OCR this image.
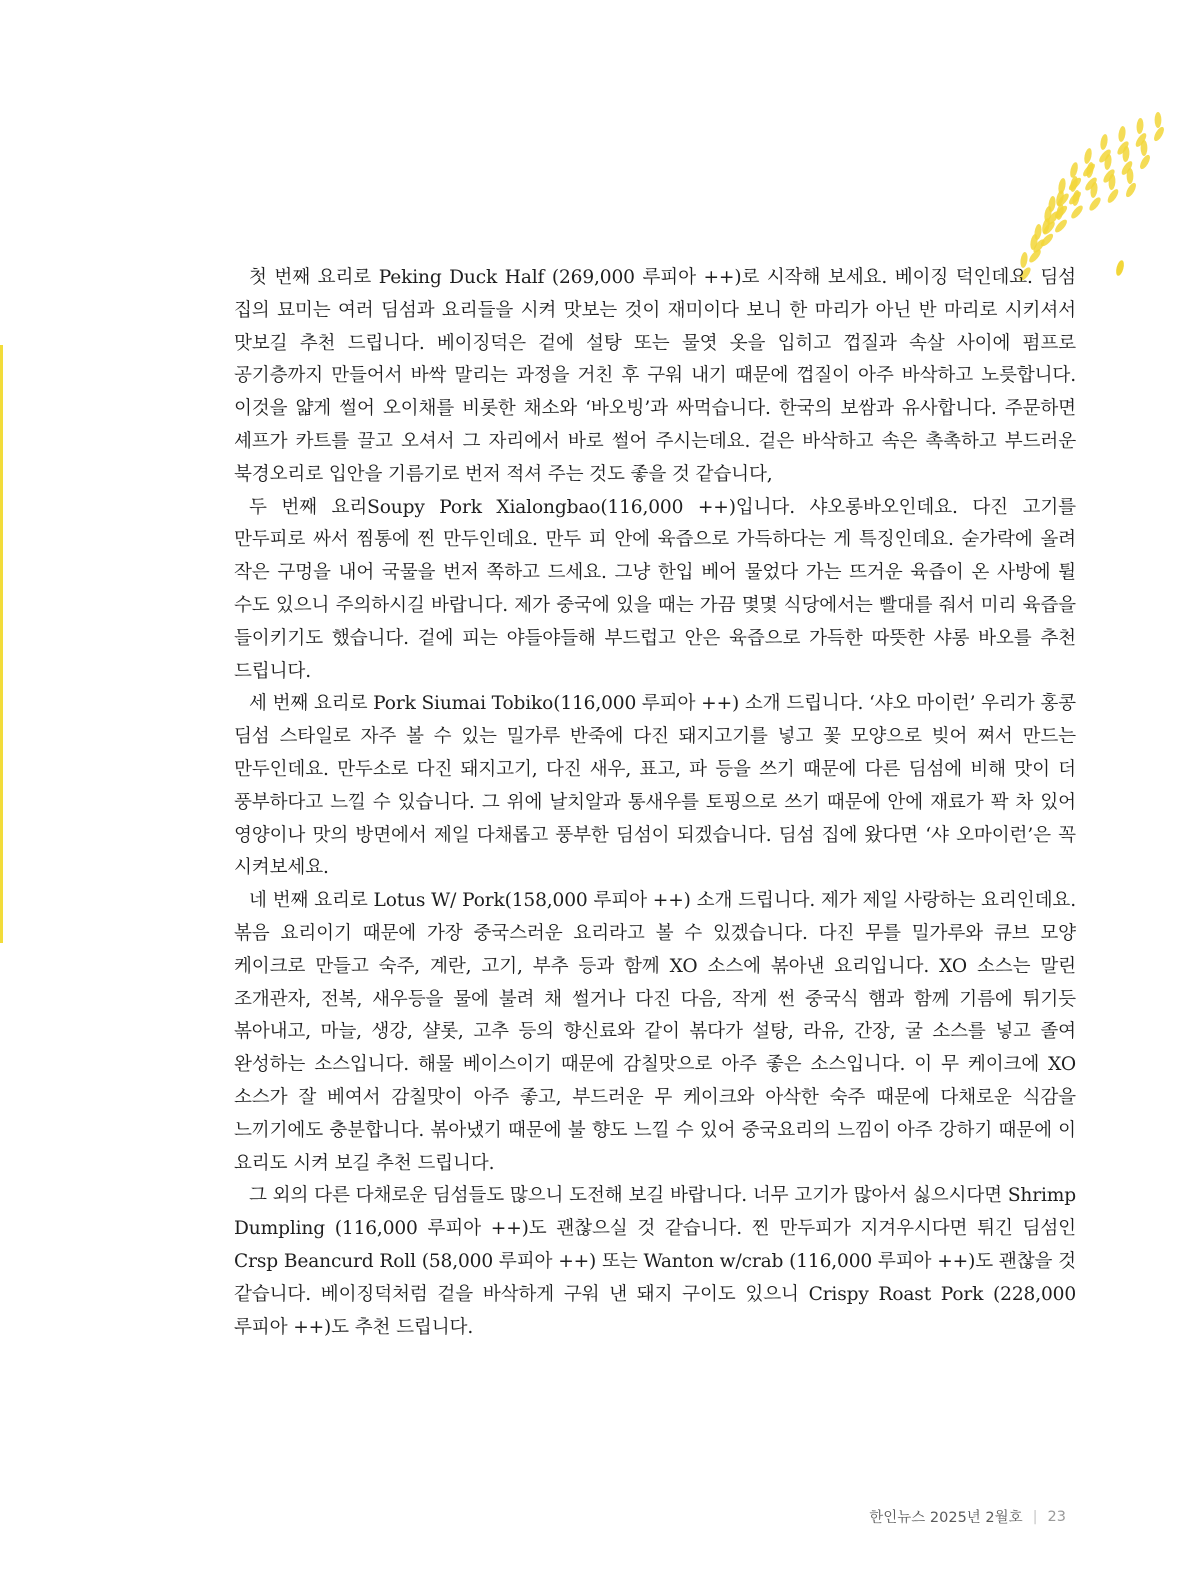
첫 번째 요리로 Peking Duck Half (269,000 루피아 ++)로 시작해 보세요. 베이징 덕인데요. 딤섬 집의 묘미는 여러 딤섬과 요리들을 시켜 맛보는 것이 재미이다 보니 한 마리가 아닌 반 마리로 시키셔서 맛보길 추천 드립니다. 베이징덕은 겉에 설탕 또는 물엿 옷을 입히고 껍질과 속살 사이에 펌프로 공기층까지 만들어서 바싹 말리는 과정을 거친 후 구워 내기 때문에 껍질이 아주 바삭하고 노릇합니다. 이것을 얇게 썰어 오이채를 비롯한 채소와 ‘바오빙’과 싸먹습니다. 한국의 보쌈과 유사합니다. 주문하면 셰프가 카트를 끌고 오셔서 그 자리에서 바로 썰어 주시는데요. 겉은 바삭하고 속은 촉촉하고 부드러운 북경오리로 입안을 기름기로 번저 적셔 주는 것도 좋을 것 같습니다,

두 번째 요리Soupy Pork Xialongbao(116,000 ++)입니다. 샤오롱바오인데요. 다진 고기를 만두피로 싸서 찜통에 찐 만두인데요. 만두 피 안에 육즙으로 가득하다는 게 특징인데요. 숟가락에 올려 작은 구멍을 내어 국물을 번저 쪽하고 드세요. 그냥 한입 베어 물었다 가는 뜨거운 육즙이 온 사방에 튈 수도 있으니 주의하시길 바랍니다. 제가 중국에 있을 때는 가끔 몇몇 식당에서는 빨대를 줘서 미리 육즙을 들이키기도 했습니다. 겉에 피는 야들야들해 부드럽고 안은 육즙으로 가득한 따뜻한 샤롱 바오를 추천 드립니다.

세 번째 요리로 Pork Siumai Tobiko(116,000 루피아 ++) 소개 드립니다. ‘샤오 마이런’ 우리가 홍콩 딤섬 스타일로 자주 볼 수 있는 밀가루 반죽에 다진 돼지고기를 넣고 꽃 모양으로 빚어 쪄서 만드는 만두인데요. 만두소로 다진 돼지고기, 다진 새우, 표고, 파 등을 쓰기 때문에 다른 딤섬에 비해 맛이 더 풍부하다고 느낄 수 있습니다. 그 위에 날치알과 통새우를 토핑으로 쓰기 때문에 안에 재료가 꽉 차 있어 영양이나 맛의 방면에서 제일 다채롭고 풍부한 딤섬이 되겠습니다. 딤섬 집에 왔다면 ‘샤 오마이런’은 꼭 시켜보세요.

네 번째 요리로 Lotus W/ Pork(158,000 루피아 ++) 소개 드립니다. 제가 제일 사랑하는 요리인데요. 볶음 요리이기 때문에 가장 중국스러운 요리라고 볼 수 있겠습니다. 다진 무를 밀가루와 큐브 모양 케이크로 만들고 숙주, 계란, 고기, 부추 등과 함께 XO 소스에 볶아낸 요리입니다. XO 소스는 말린 조개관자, 전복, 새우등을 물에 불려 채 썰거나 다진 다음, 작게 썬 중국식 햄과 함께 기름에 튀기듯 볶아내고, 마늘, 생강, 샬롯, 고추 등의 향신료와 같이 볶다가 설탕, 라유, 간장, 굴 소스를 넣고 졸여 완성하는 소스입니다. 해물 베이스이기 때문에 감칠맛으로 아주 좋은 소스입니다. 이 무 케이크에 XO 소스가 잘 베여서 감칠맛이 아주 좋고, 부드러운 무 케이크와 아삭한 숙주 때문에 다채로운 식감을 느끼기에도 충분합니다. 볶아냈기 때문에 불 향도 느낄 수 있어 중국요리의 느낌이 아주 강하기 때문에 이 요리도 시켜 보길 추천 드립니다.

그 외의 다른 다채로운 딤섬들도 많으니 도전해 보길 바랍니다. 너무 고기가 많아서 싫으시다면 Shrimp Dumpling (116,000 루피아 ++)도 괜찮으실 것 같습니다. 찐 만두피가 지겨우시다면 튀긴 딤섬인 Crsp Beancurd Roll (58,000 루피아 ++) 또는 Wanton w/crab (116,000 루피아 ++)도 괜찮을 것 같습니다. 베이징덕처럼 겉을 바삭하게 구워 낸 돼지 구이도 있으니 Crispy Roast Pork (228,000 루피아 ++)도 추천 드립니다.

한인뉴스 2025년 2월호 | 23
